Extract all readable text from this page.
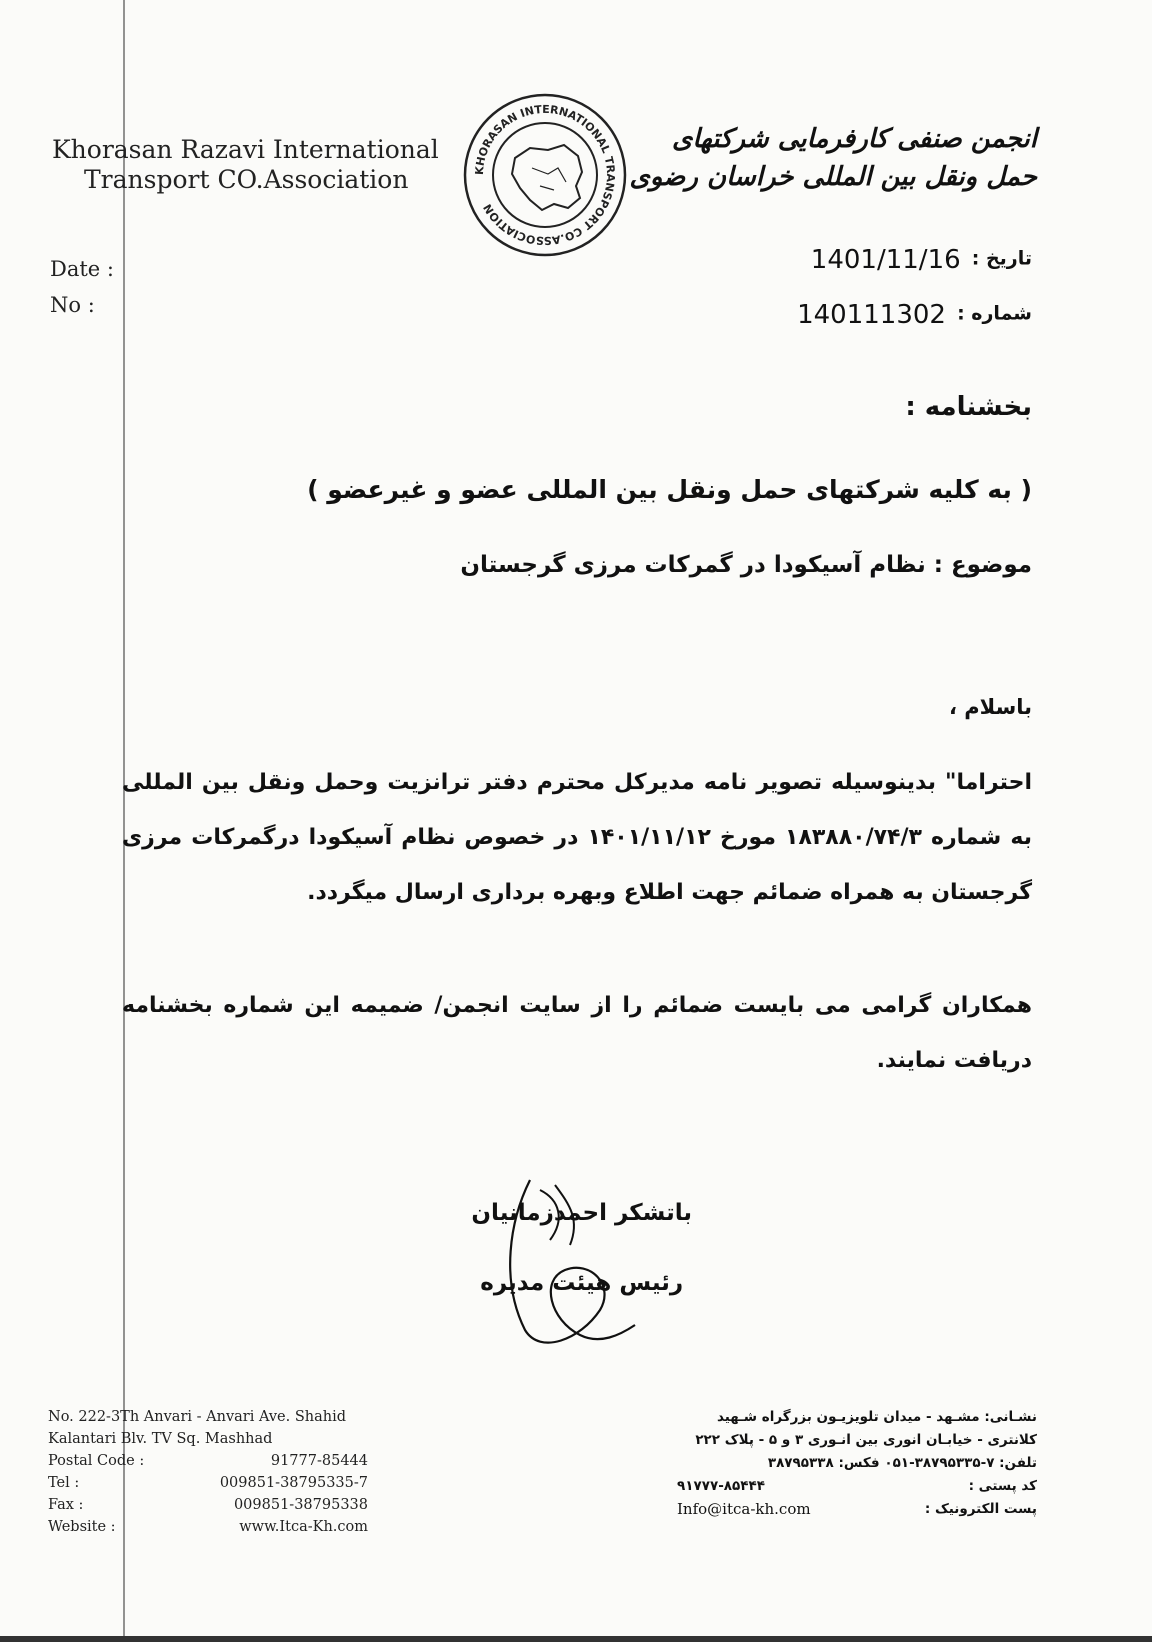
Khorasan Razavi International
Transport CO.Association
Date :
No :
KHORASAN INTERNATIONAL TRANSPORT CO.ASSOCIATION
انجمن صنفی کارفرمایی شرکتهای حمل ونقل بین المللی خراسان رضوی
تاریخ : 1401/11/16
شماره : 140111302
بخشنامه :
( به کلیه شرکتهای حمل ونقل بین المللی عضو و غیرعضو )
موضوع : نظام آسیکودا در گمرکات مرزی گرجستان
باسلام ،
احتراما" بدینوسیله تصویر نامه مدیرکل محترم دفتر ترانزیت وحمل ونقل بین المللی به شماره ۱۸۳۸۸۰/۷۴/۳ مورخ ۱۴۰۱/۱۱/۱۲ در خصوص نظام آسیکودا درگمرکات مرزی گرجستان به همراه ضمائم جهت اطلاع وبهره برداری ارسال میگردد.
همکاران گرامی می بایست ضمائم را از سایت انجمن/ ضمیمه این شماره بخشنامه دریافت نمایند.
باتشکر احمدزمانیان
رئیس هیئت مدیره
No. 222-3Th Anvari - Anvari Ave. Shahid
Kalantari Blv. TV Sq. Mashhad
Postal Code :	91777-85444
Tel :	009851-38795335-7
Fax :	009851-38795338
Website :	www.Itca-Kh.com
نشـانی: مشـهد - میدان تلویزیـون بزرگراه شـهید
کلانتری - خیابـان انوری بین انـوری ۳ و ۵ - پلاک ۲۲۲
تلفن: ۷-۳۸۷۹۵۳۳۵-۰۵۱ فکس: ۳۸۷۹۵۳۳۸
کد پستی :
۹۱۷۷۷-۸۵۴۴۴
پست الکترونیک :
Info@itca-kh.com
